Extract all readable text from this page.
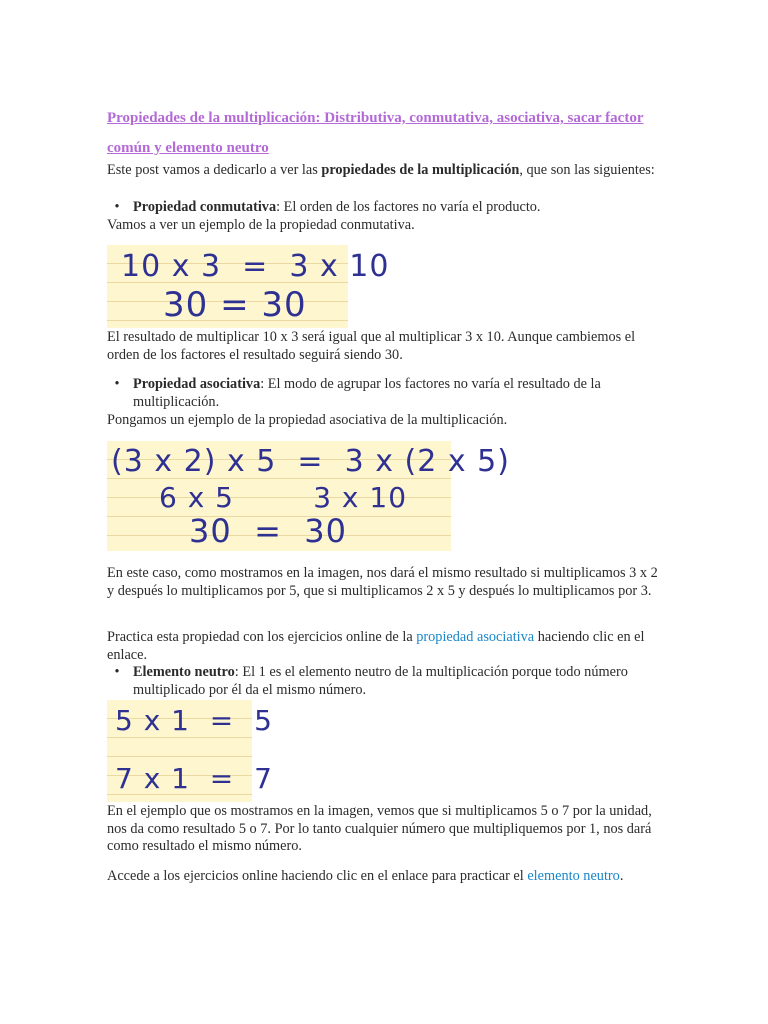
Propiedades de la multiplicación: Distributiva, conmutativa, asociativa, sacar factor común y elemento neutro
Este post vamos a dedicarlo a ver las propiedades de la multiplicación, que son las siguientes:
• Propiedad conmutativa: El orden de los factores no varía el producto.
Vamos a ver un ejemplo de la propiedad conmutativa.
10 x 3  =  3 x 10
30 = 30
El resultado de multiplicar 10 x 3 será igual que al multiplicar 3 x 10. Aunque cambiemos el orden de los factores el resultado seguirá siendo 30.
• Propiedad asociativa: El modo de agrupar los factores no varía el resultado de la multiplicación.
Pongamos un ejemplo de la propiedad asociativa de la multiplicación.
(3 x 2) x 5  =  3 x (2 x 5)
6 x 5        3 x 10
30  =  30
En este caso, como mostramos en la imagen, nos dará el mismo resultado si multiplicamos 3 x 2 y después lo multiplicamos por 5, que si multiplicamos 2 x 5 y después lo multiplicamos por 3.
Practica esta propiedad con los ejercicios online de la propiedad asociativa haciendo clic en el enlace.
• Elemento neutro: El 1 es el elemento neutro de la multiplicación porque todo número multiplicado por él da el mismo número.
5 x 1  =  5
7 x 1  =  7
En el ejemplo que os mostramos en la imagen, vemos que si multiplicamos 5 o 7 por la unidad, nos da como resultado 5 o 7. Por lo tanto cualquier número que multipliquemos por 1, nos dará como resultado el mismo número.
Accede a los ejercicios online haciendo clic en el enlace para practicar el elemento neutro.
